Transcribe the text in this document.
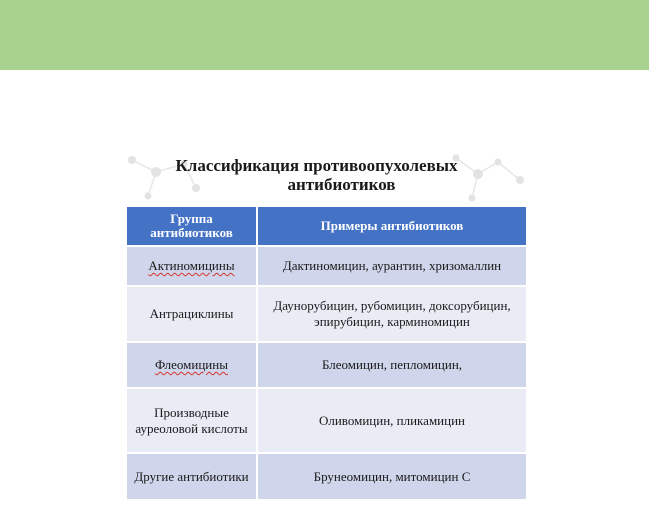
Классификация противоопухолевых
антибиотиков
Группа антибиотиков	Примеры антибиотиков
Актиномицины	Дактиномицин, аурантин, хризомаллин
Антрациклины	Даунорубицин, рубомицин, доксорубицин, эпирубицин, карминомицин
Флеомицины	Блеомицин, пепломицин,
Производные ауреоловой кислоты	Оливомицин, пликамицин
Другие антибиотики	Брунеомицин, митомицин С
